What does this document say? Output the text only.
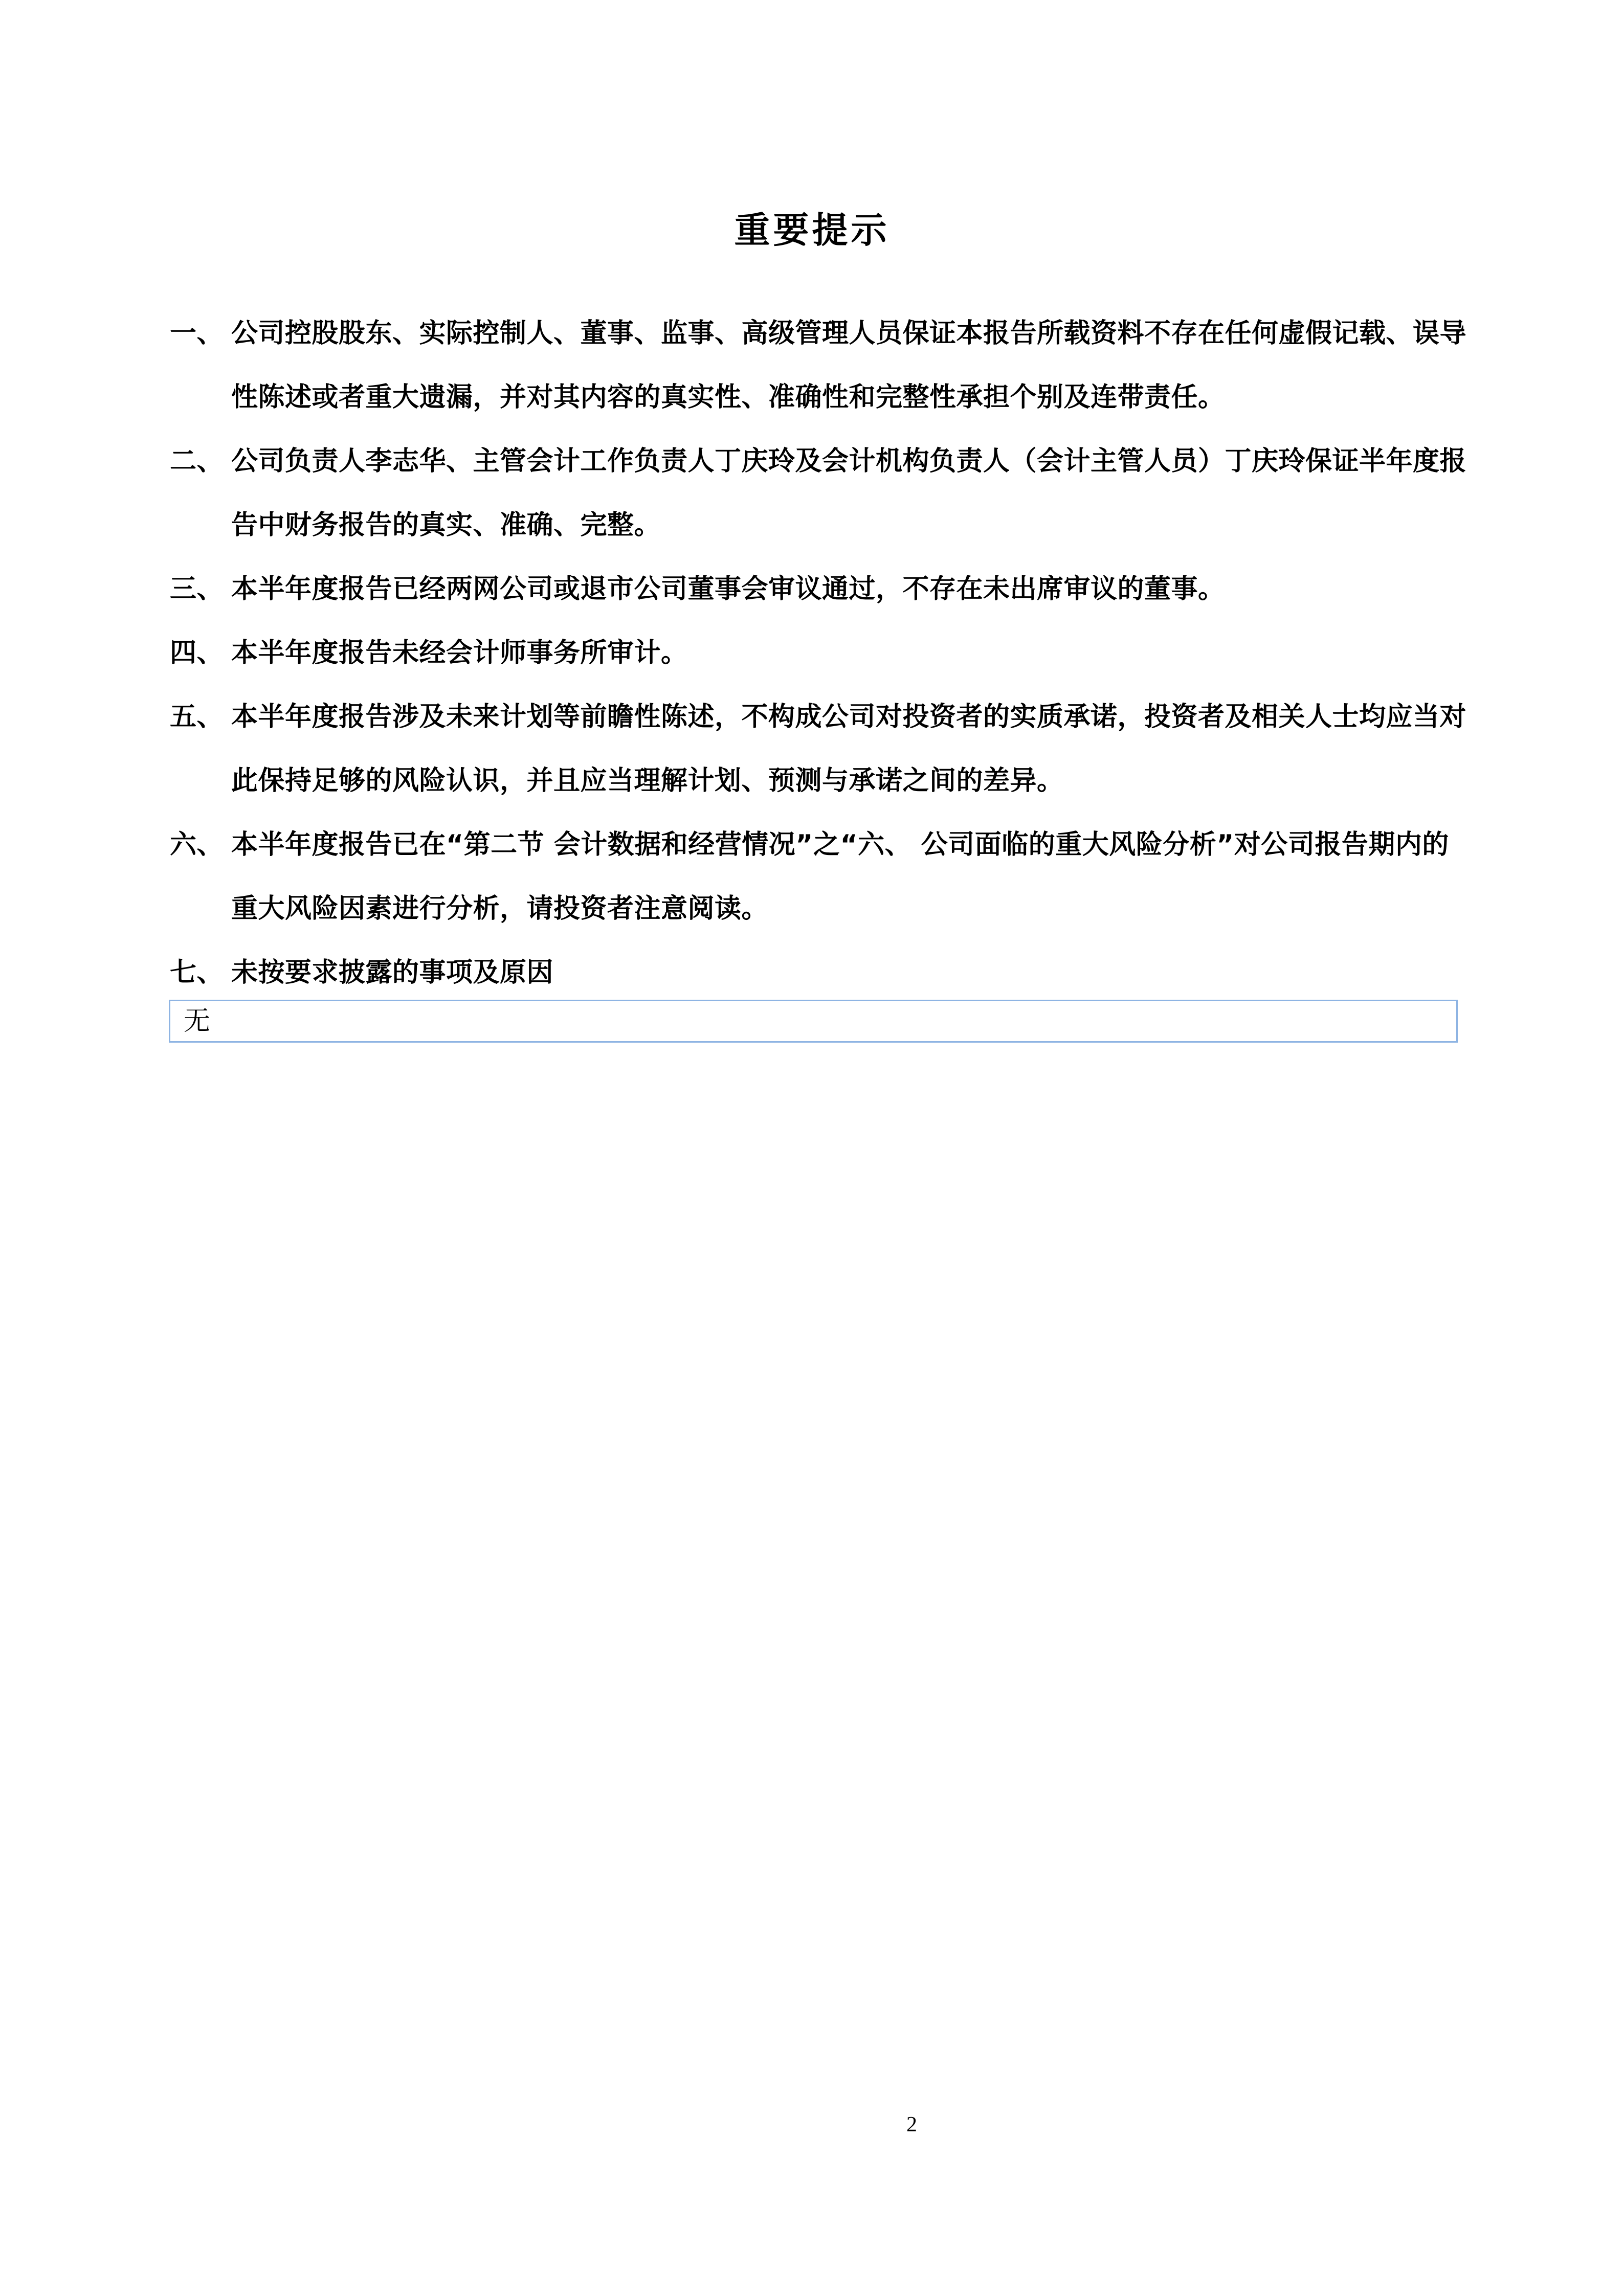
重要提示
一、 公司控股股东、实际控制人、董事、监事、高级管理人员保证本报告所载资料不存在任何虚假记载、误导性陈述或者重大遗漏，并对其内容的真实性、准确性和完整性承担个别及连带责任。
二、 公司负责人李志华、主管会计工作负责人丁庆玲及会计机构负责人（会计主管人员）丁庆玲保证半年度报告中财务报告的真实、准确、完整。
三、 本半年度报告已经两网公司或退市公司董事会审议通过，不存在未出席审议的董事。
四、 本半年度报告未经会计师事务所审计。
五、 本半年度报告涉及未来计划等前瞻性陈述，不构成公司对投资者的实质承诺，投资者及相关人士均应当对此保持足够的风险认识，并且应当理解计划、预测与承诺之间的差异。
六、 本半年度报告已在“第二节 会计数据和经营情况”之“六、 公司面临的重大风险分析”对公司报告期内的重大风险因素进行分析，请投资者注意阅读。
七、 未按要求披露的事项及原因
无
2
